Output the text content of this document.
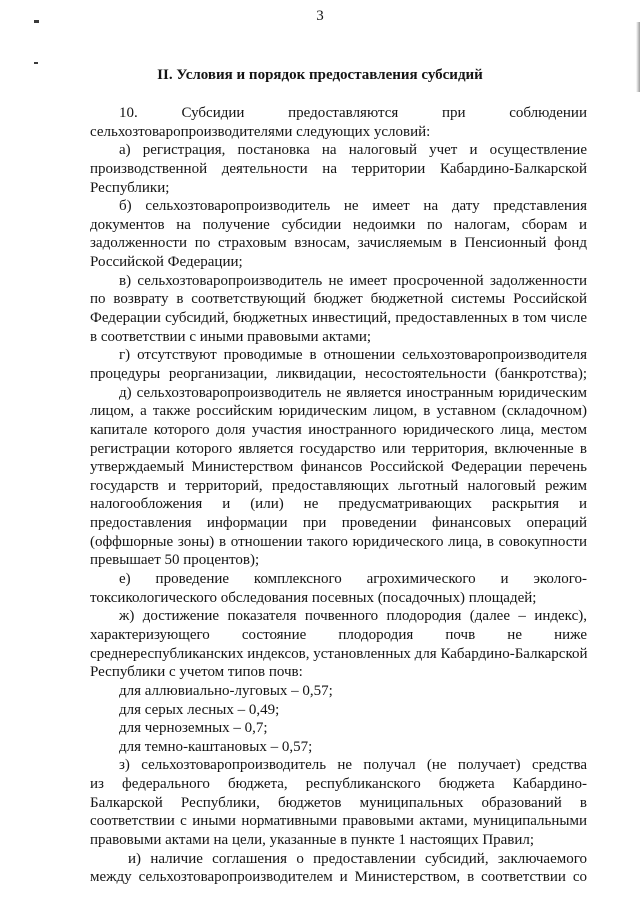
3
II. Условия и порядок предоставления субсидий
10.          Субсидии          предоставляются          при          соблюдении
сельхозтоваропроизводителями следующих условий:
а) регистрация, постановка на налоговый учет и осуществление
производственной деятельности на территории Кабардино-Балкарской
Республики;
б) сельхозтоваропроизводитель не имеет на дату представления
документов на получение субсидии недоимки по налогам, сборам и
задолженности по страховым взносам, зачисляемым в Пенсионный фонд
Российской Федерации;
в) сельхозтоваропроизводитель не имеет просроченной задолженности
по возврату в соответствующий бюджет бюджетной системы Российской
Федерации субсидий, бюджетных инвестиций, предоставленных в том числе
в соответствии с иными правовыми актами;
г) отсутствуют проводимые в отношении сельхозтоваропроизводителя
процедуры реорганизации, ликвидации, несостоятельности (банкротства);
д) сельхозтоваропроизводитель не является иностранным юридическим
лицом, а также российским юридическим лицом, в уставном (складочном)
капитале которого доля участия иностранного юридического лица, местом
регистрации которого является государство или территория, включенные в
утверждаемый Министерством финансов Российской Федерации перечень
государств и территорий, предоставляющих льготный налоговый режим
налогообложения и (или) не предусматривающих раскрытия и
предоставления информации при проведении финансовых операций
(оффшорные зоны) в отношении такого юридического лица, в совокупности
превышает 50 процентов);
е) проведение комплексного агрохимического и эколого-
токсикологического обследования посевных (посадочных) площадей;
ж) достижение показателя почвенного плодородия (далее – индекс),
характеризующего состояние плодородия почв не ниже
среднереспубликанских индексов, установленных для Кабардино-Балкарской
Республики с учетом типов почв:
для аллювиально-луговых – 0,57;
для серых лесных – 0,49;
для черноземных – 0,7;
для темно-каштановых – 0,57;
з) сельхозтоваропроизводитель не получал (не получает) средства
из федерального бюджета, республиканского бюджета Кабардино-
Балкарской Республики, бюджетов муниципальных образований в
соответствии с иными нормативными правовыми актами, муниципальными
правовыми актами на цели, указанные в пункте 1 настоящих Правил;
и) наличие соглашения о предоставлении субсидий, заключаемого
между сельхозтоваропроизводителем и Министерством, в соответствии со
